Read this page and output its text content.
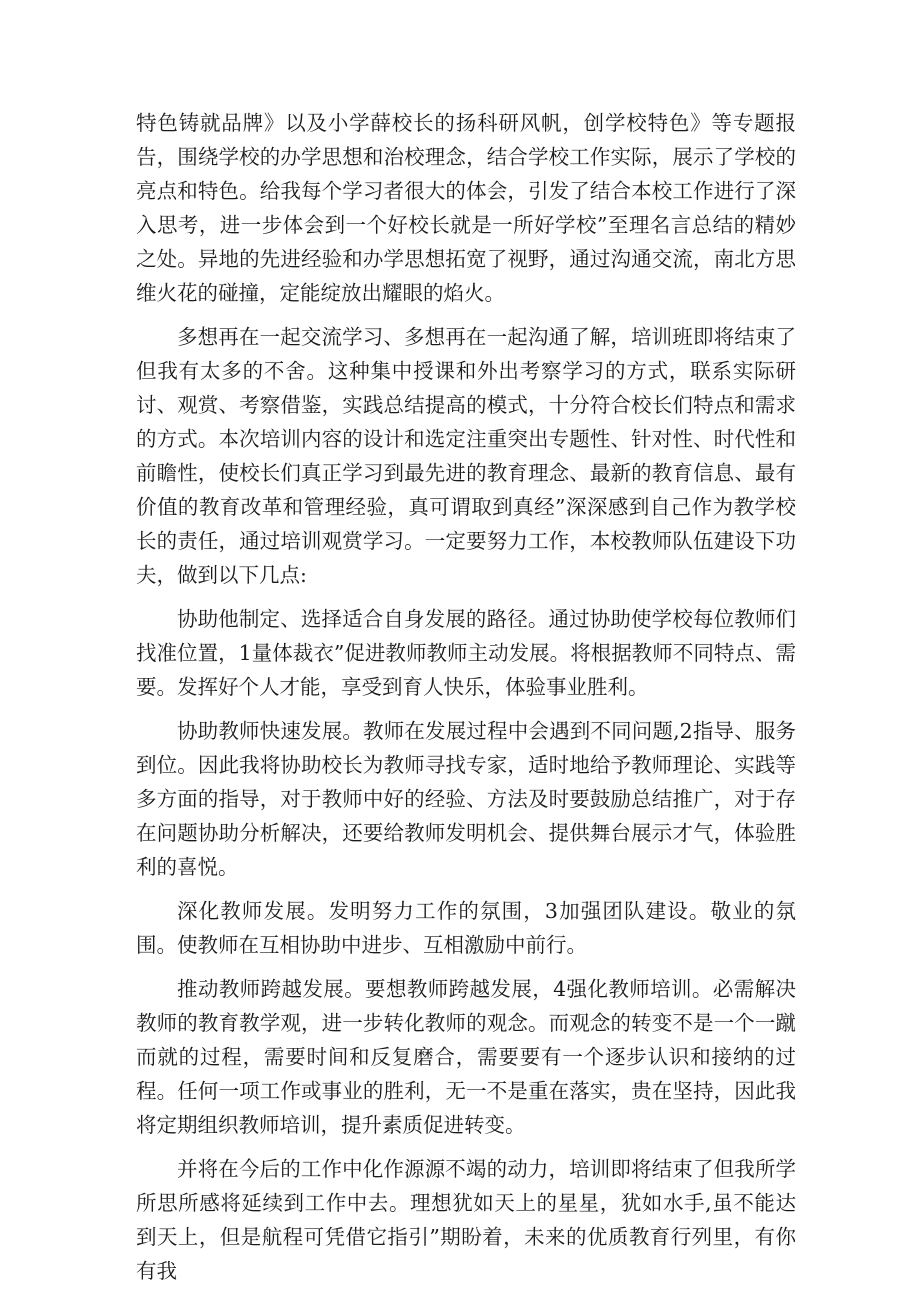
特色铸就品牌》以及小学薛校长的扬科研风帆，创学校特色》等专题报告，围绕学校的办学思想和治校理念，结合学校工作实际，展示了学校的亮点和特色。给我每个学习者很大的体会，引发了结合本校工作进行了深入思考，进一步体会到一个好校长就是一所好学校”至理名言总结的精妙之处。异地的先进经验和办学思想拓宽了视野，通过沟通交流，南北方思维火花的碰撞，定能绽放出耀眼的焰火。

多想再在一起交流学习、多想再在一起沟通了解，培训班即将结束了但我有太多的不舍。这种集中授课和外出考察学习的方式，联系实际研讨、观赏、考察借鉴，实践总结提高的模式，十分符合校长们特点和需求的方式。本次培训内容的设计和选定注重突出专题性、针对性、时代性和前瞻性，使校长们真正学习到最先进的教育理念、最新的教育信息、最有价值的教育改革和管理经验，真可谓取到真经”深深感到自己作为教学校长的责任，通过培训观赏学习。一定要努力工作，本校教师队伍建设下功夫，做到以下几点:

协助他制定、选择适合自身发展的路径。通过协助使学校每位教师们找准位置，1量体裁衣”促进教师教师主动发展。将根据教师不同特点、需要。发挥好个人才能，享受到育人快乐，体验事业胜利。

协助教师快速发展。教师在发展过程中会遇到不同问题,2指导、服务到位。因此我将协助校长为教师寻找专家，适时地给予教师理论、实践等多方面的指导，对于教师中好的经验、方法及时要鼓励总结推广，对于存在问题协助分析解决，还要给教师发明机会、提供舞台展示才气，体验胜利的喜悦。

深化教师发展。发明努力工作的氛围，3加强团队建设。敬业的氛围。使教师在互相协助中进步、互相激励中前行。

推动教师跨越发展。要想教师跨越发展，4强化教师培训。必需解决教师的教育教学观，进一步转化教师的观念。而观念的转变不是一个一蹴而就的过程，需要时间和反复磨合，需要要有一个逐步认识和接纳的过程。任何一项工作或事业的胜利，无一不是重在落实，贵在坚持，因此我将定期组织教师培训，提升素质促进转变。

并将在今后的工作中化作源源不竭的动力，培训即将结束了但我所学所思所感将延续到工作中去。理想犹如天上的星星，犹如水手,虽不能达到天上，但是航程可凭借它指引”期盼着，未来的优质教育行列里，有你有我
